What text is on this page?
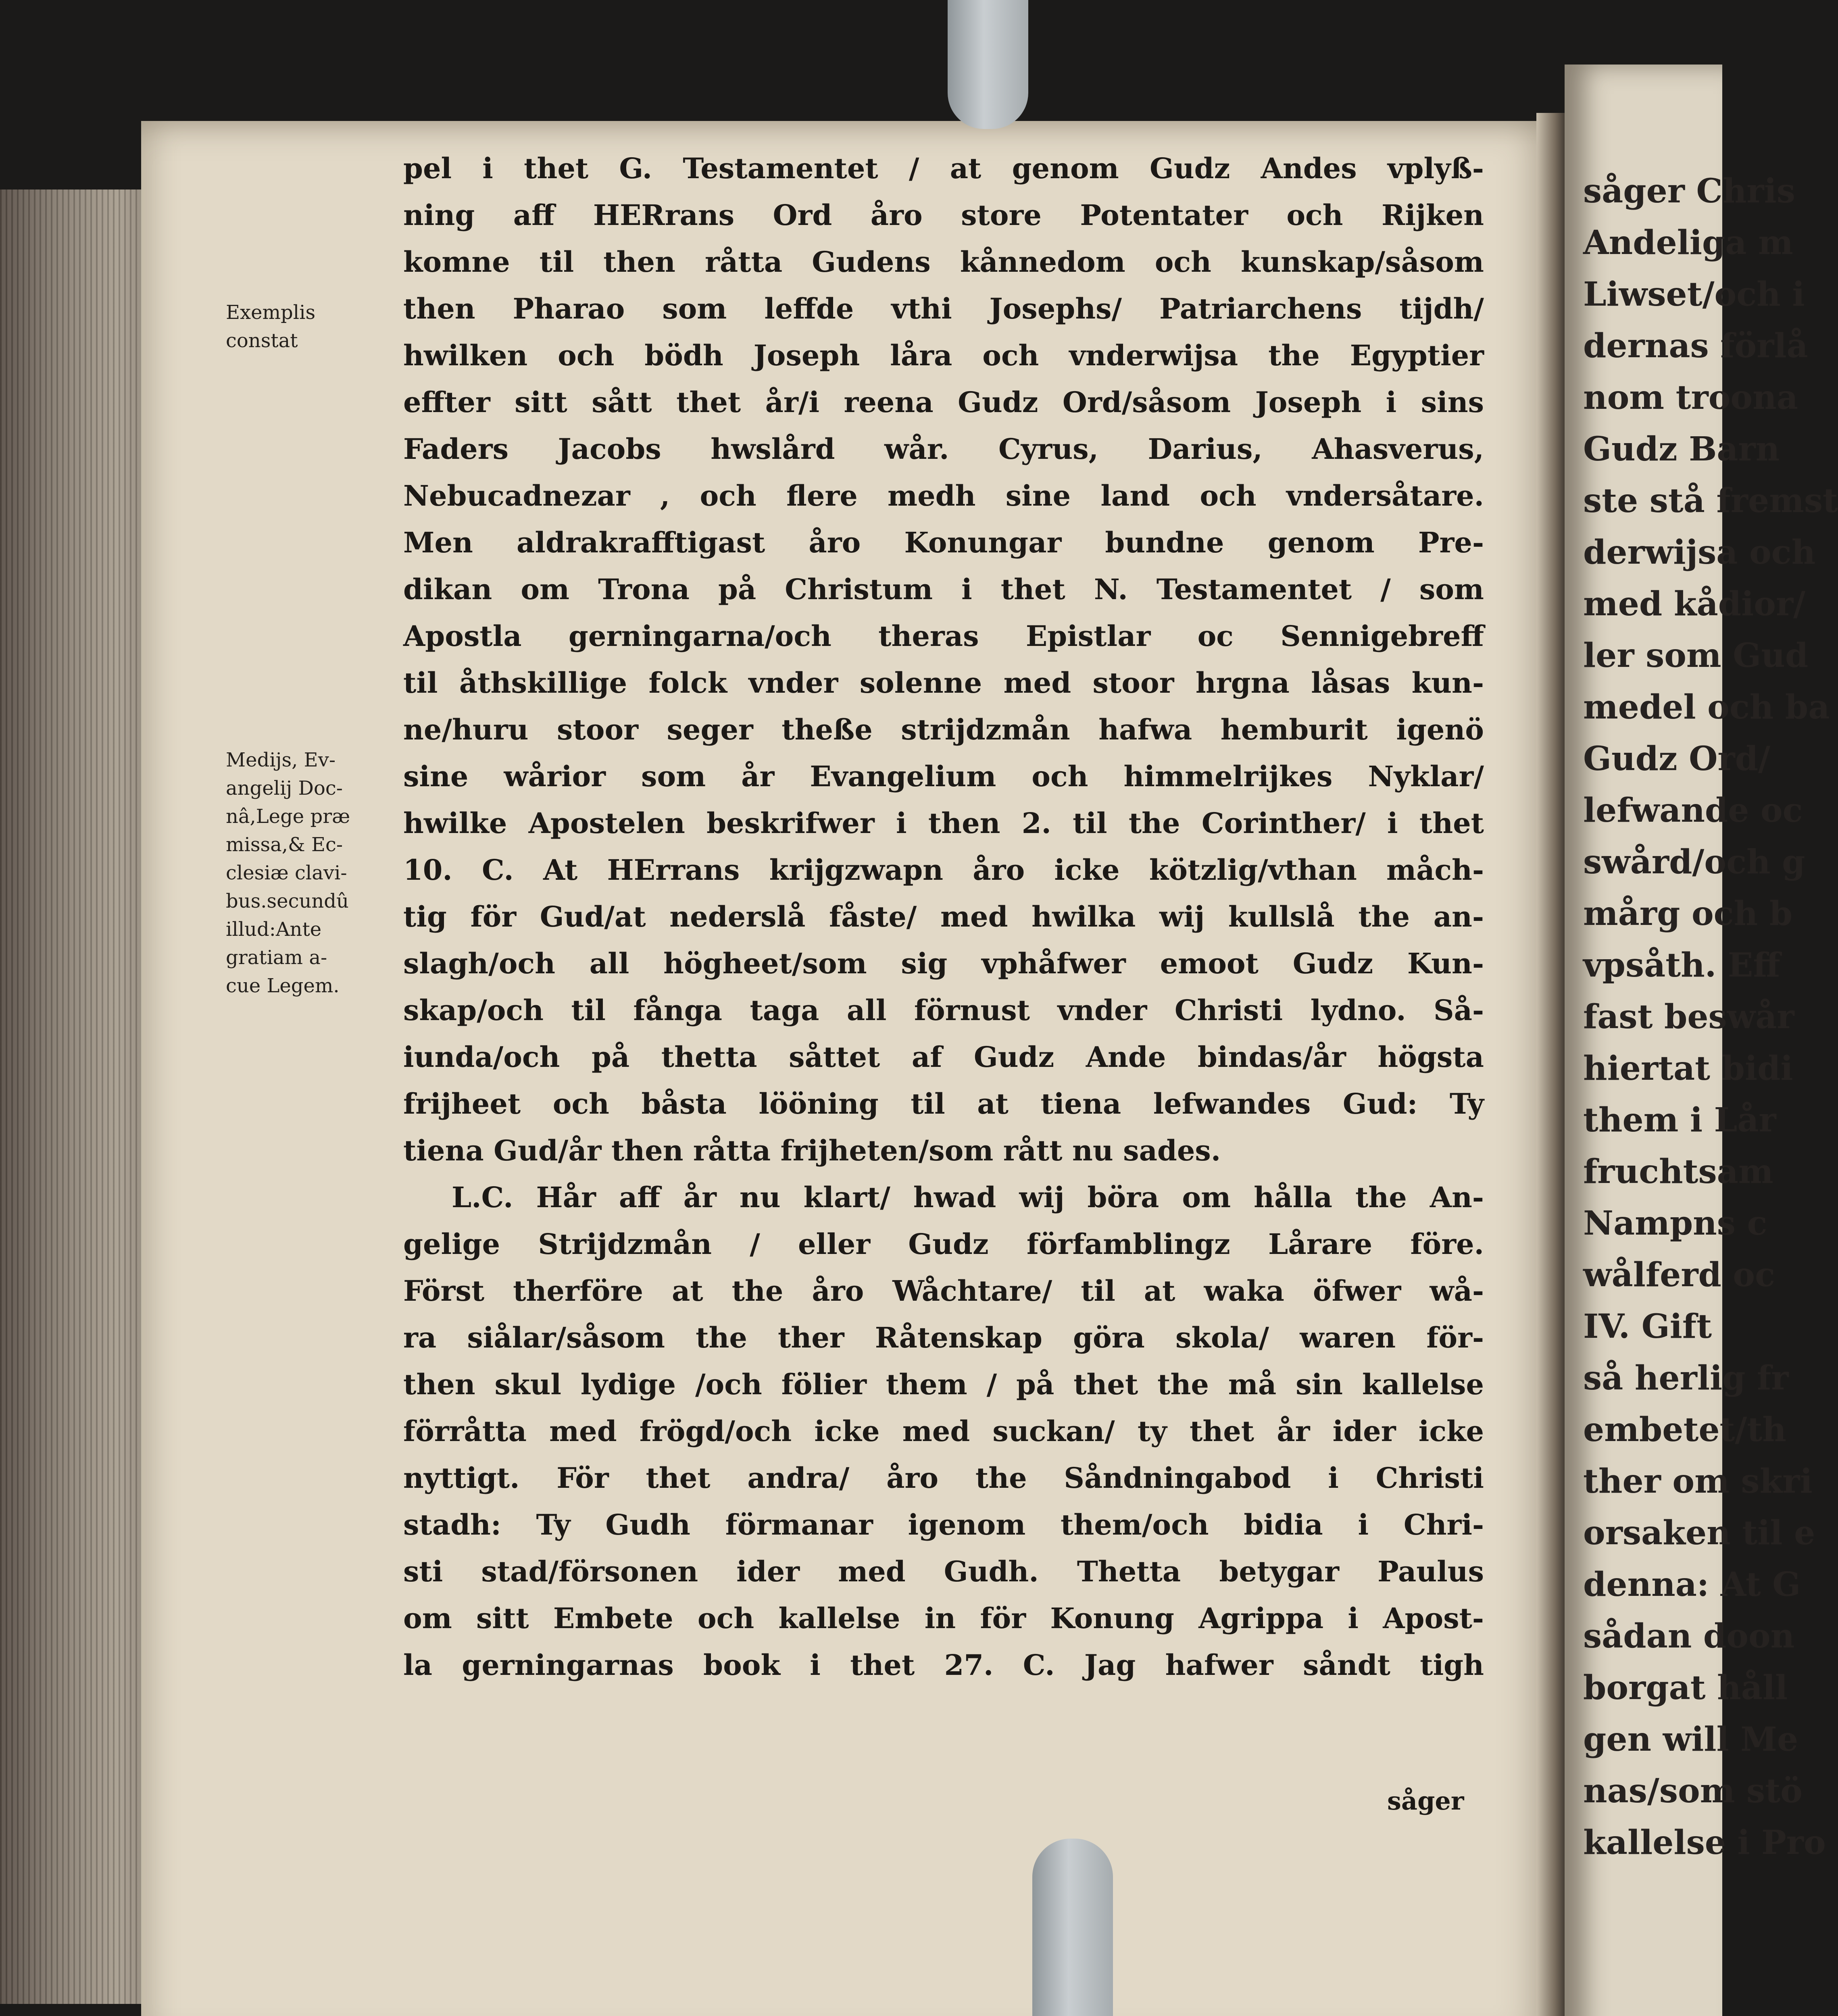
såger Chris
Andeliga m
Liwset/och i
dernas förlå
nom troona
Gudz Barn
ste stå fremst
derwijsa och
med kådior/
ler som Gud
medel och ba
Gudz Ord/
lefwande oc
swård/och g
mårg och b
vpsåth. Eff
fast beswår
hiertat bidi
them i Lår
fruchtsam
Nampns c
wålferd oc
IV. Gift
så herlig fr
embetet/th
ther om skri
orsaken til e
denna: At G
sådan doon
borgat håll
gen will Me
nas/som stö
kallelse i Pro
Exemplis
constat
Medijs, Ev-
angelij Doc-
nâ,Lege præ
missa,& Ec-
clesiæ clavi-
bus.secundû
illud:Ante
gratiam a-
cue Legem.
pel i thet G. Testamentet / at genom Gudz Andes vplyß-
ning aff HERrans Ord åro store Potentater och Rijken
komne til then råtta Gudens kånnedom och kunskap/såsom
then Pharao som leffde vthi Josephs/ Patriarchens tijdh/
hwilken och bödh Joseph låra och vnderwijsa the Egyptier
effter sitt sått thet år/i reena Gudz Ord/såsom Joseph i sins
Faders Jacobs hwslård wår. Cyrus, Darius, Ahasverus,
Nebucadnezar , och flere medh sine land och vndersåtare.
Men aldrakrafftigast åro Konungar bundne genom Pre-
dikan om Trona på Christum i thet N. Testamentet / som
Apostla gerningarna/och theras Epistlar oc Sennigebreff
til åthskillige folck vnder solenne med stoor hrgna låsas kun-
ne/huru stoor seger theße strijdzmån hafwa hemburit igenö
sine wårior som år Evangelium och himmelrijkes Nyklar/
hwilke Apostelen beskrifwer i then 2. til the Corinther/ i thet
10. C. At HErrans krijgzwapn åro icke kötzlig/vthan måch-
tig för Gud/at nederslå fåste/ med hwilka wij kullslå the an-
slagh/och all högheet/som sig vphåfwer emoot Gudz Kun-
skap/och til fånga taga all förnust vnder Christi lydno. Så-
iunda/och på thetta såttet af Gudz Ande bindas/år högsta
frijheet och båsta lööning til at tiena lefwandes Gud: Ty
tiena Gud/år then råtta frijheten/som rått nu sades.
L.C. Hår aff år nu klart/ hwad wij böra om hålla the An-
gelige Strijdzmån / eller Gudz förfamblingz Lårare före.
Först therföre at the åro Wåchtare/ til at waka öfwer wå-
ra siålar/såsom the ther Råtenskap göra skola/ waren för-
then skul lydige /och fölier them / på thet the må sin kallelse
förråtta med frögd/och icke med suckan/ ty thet år ider icke
nyttigt. För thet andra/ åro the Såndningabod i Christi
stadh: Ty Gudh förmanar igenom them/och bidia i Chri-
sti stad/försonen ider med Gudh. Thetta betygar Paulus
om sitt Embete och kallelse in för Konung Agrippa i Apost-
la gerningarnas book i thet 27. C. Jag hafwer såndt tigh
såger
